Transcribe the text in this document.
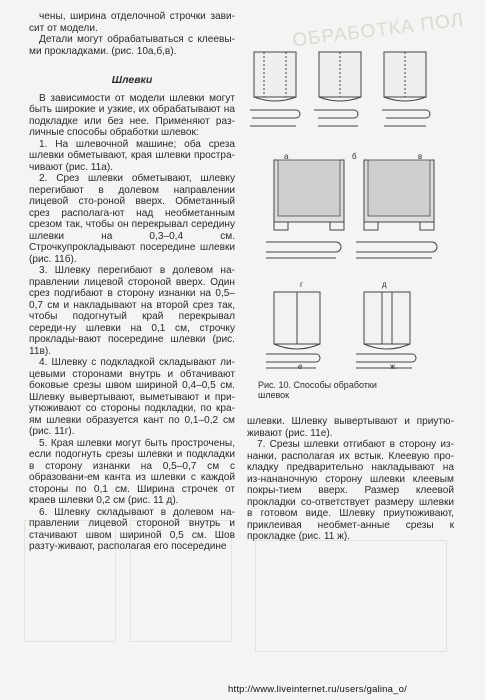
ОБРАБОТКА ПОЛ

чены, ширина отделочной строчки зави-сит от модели.

Детали могут обрабатываться с клеевы-ми прокладками. (рис. 10а,б,в).

Шлевки

В зависимости от модели шлевки могут быть широкие и узкие, их обрабатывают на подкладке или без нее. Применяют раз-личные способы обработки шлевок:

1. На шлевочной машине; оба среза шлевки обметывают, края шлевки простра-чивают (рис. 11а).

2. Срез шлевки обметывают, шлевку перегибают в долевом направлении лицевой сто-роной вверх. Обметанный срез располага-ют над необметанным срезом так, чтобы он перекрывал середину шлевки на 0,3–0,4 см. Строчкупрокладывают посередине шлевки (рис. 11б).

3. Шлевку перегибают в долевом на-правлении лицевой стороной вверх. Один срез подгибают в сторону изнанки на 0,5–0,7 см и накладывают на второй срез так, чтобы подогнутый край перекрывал середи-ну шлевки на 0,1 см, строчку проклады-вают посередине шлевки (рис. 11в).

4. Шлевку с подкладкой складывают ли-цевыми сторонами внутрь и обтачивают боковые срезы швом шириной 0,4–0,5 см. Шлевку вывертывают, выметывают и при-утюживают со стороны подкладки, по кра-ям шлевки образуется кант по 0,1–0,2 см (рис. 11г).

5. Края шлевки могут быть прострочены, если подогнуть срезы шлевки и подкладки в сторону изнанки на 0,5–0,7 см с образовани-ем канта из шлевки с каждой стороны по 0,1 см. Ширина строчек от краев шлевки 0,2 см (рис. 11 д).

6. Шлевку складывают в долевом на-правлении лицевой стороной внутрь и стачивают швом шириной 0,5 см. Шов разту-живают, располагая его посередине

а	б	в
г	д
е	ж
Рис. 10. Способы обработки шлевок

шлевки. Шлевку вывертывают и приутю-живают (рис. 11е).

7. Срезы шлевки отгибают в сторону из-нанки, располагая их встык. Клеевую про-кладку предварительно накладывают на из-нананочную сторону шлевки клеевым покры-тием вверх. Размер клеевой прокладки со-ответствует размеру шлевки в готовом виде. Шлевку приутюживают, приклеивая необмет-анные срезы к прокладке (рис. 11 ж).

http://www.liveinternet.ru/users/galina_o/
